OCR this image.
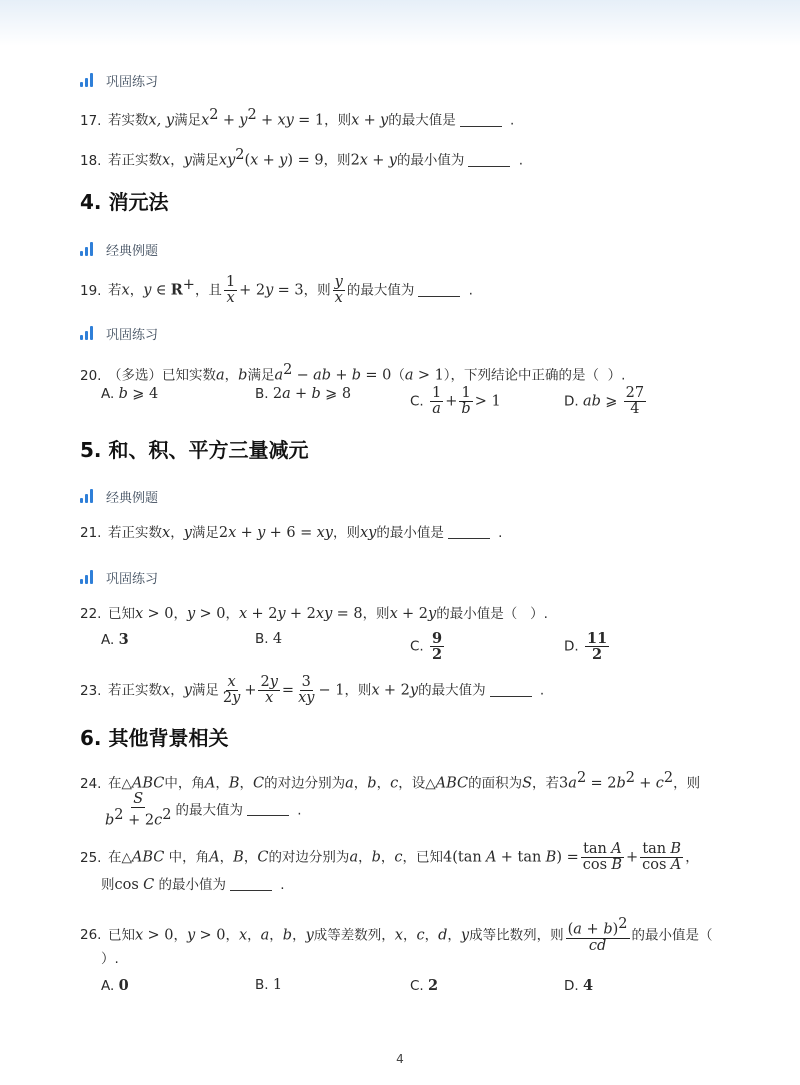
巩固练习
17. 若实数x, y满足$x^2 + y^2$ + xy = 1，则x + y的最大值是	.
18. 若正实数x，y满足$xy^2(x + y) = 9$，则2x + y的最小值为	.
4. 消元法
经典例题
19. 若x，y ∈ R+，且 $\frac{1}{x} + 2y = 3$，则 $\frac{y}{x}$ 的最大值为	.
巩固练习
20. （多选）已知实数a，b满足$a^2$ − ab + b = 0（a > 1），下列结论中正确的是（  ）.
A. b ⩾ 4	B. 2a + b ⩾ 8	C. $\frac{1}{a} + \frac{1}{b} > 1$	D. ab ⩾ $\frac{27}{4}$
5. 和、积、平方三量减元
经典例题
21. 若正实数x，y满足2x + y + 6 = xy，则xy的最小值是	.
巩固练习
22. 已知x > 0，y > 0，x + 2y + 2xy = 8，则x + 2y的最小值是（   ）.
A. 3	B. 4	C. $\frac{9}{2}$	D. $\frac{11}{2}$
23. 若正实数x，y满足 $\frac{x}{2y} + \frac{2y}{x} = \frac{3}{xy} - 1$，则x + 2y的最大值为	.
6. 其他背景相关
24. 在△ABC中，角A，B，C的对边分别为a，b，c，设△ABC的面积为S，若$3a^2 = 2b^2 + c^2$，则
$\frac{S}{b^2 + 2c^2}$ 的最大值为	.
25. 在△ABC 中，角A，B，C的对边分别为a，b，c，已知4(tan $A + \tan B) = \frac{\text{tan A}}{\text{cos B}} + \frac{\text{tan B}}{\text{cos A}}$ ，
则cos C 的最小值为	.
26. 已知x > 0，y > 0，x，a，b，y成等差数列，x，c，d，y成等比数列，则 $\frac{(a + b)^2}{cd}$ 的最小值是（
）.
A. 0	B. 1	C. 2	D. 4
4
